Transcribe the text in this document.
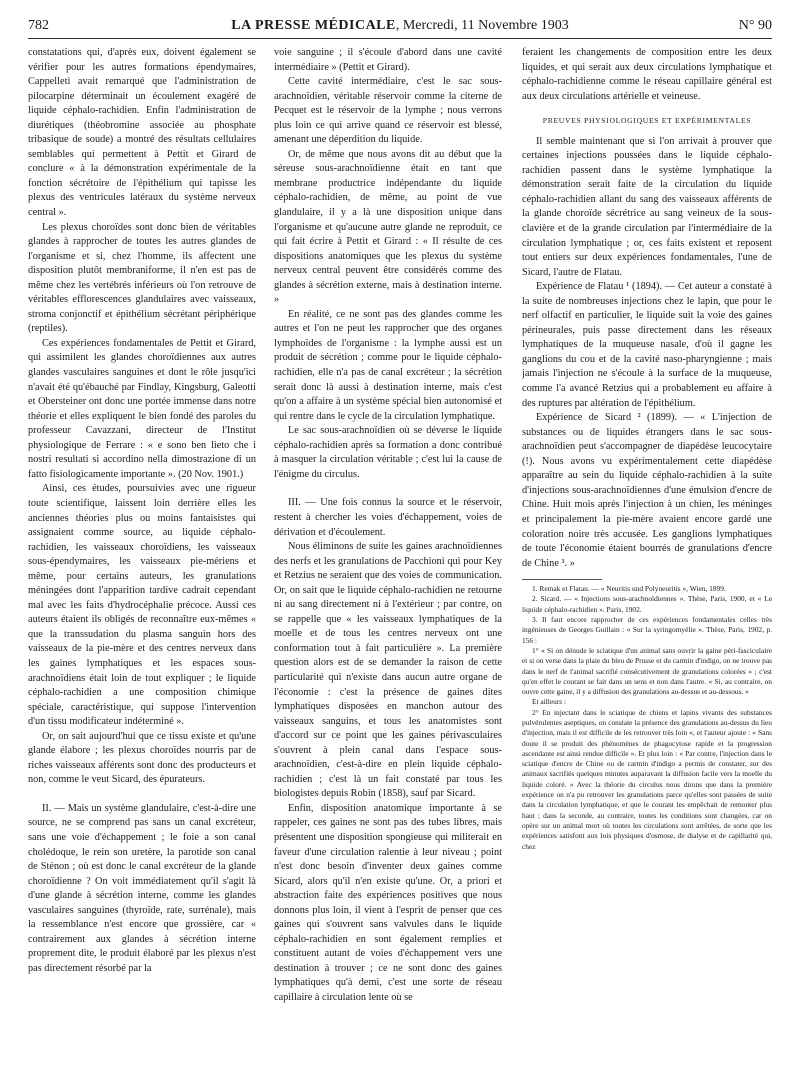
782	LA PRESSE MÉDICALE, Mercredi, 11 Novembre 1903	N° 90

constatations qui, d'après eux, doivent également se vérifier pour les autres formations épendymaires, Cappelleti avait remarqué que l'administration de pilocarpine déterminait un écoulement exagéré de liquide céphalo-rachidien. Enfin l'administration de diurétiques (théobromine associée au phosphate tribasique de soude) a montré des résultats cellulaires semblables qui permettent à Pettit et Girard de conclure « à la démonstration expérimentale de la fonction sécrétoire de l'épithélium qui tapisse les plexus des ventricules latéraux du système nerveux central ».

Les plexus choroïdes sont donc bien de véritables glandes à rapprocher de toutes les autres glandes de l'organisme et si, chez l'homme, ils affectent une disposition plutôt membraniforme, il n'en est pas de même chez les vertébrés inférieurs où l'on retrouve de véritables efflorescences glandulaires avec vaisseaux, stroma conjonctif et épithélium sécrétant périphérique (reptiles).

Ces expériences fondamentales de Pettit et Girard, qui assimilent les glandes choroïdiennes aux autres glandes vasculaires sanguines et dont le rôle jusqu'ici n'avait été qu'ébauché par Findlay, Kingsburg, Galeotti et Obersteiner ont donc une portée immense dans notre théorie et elles expliquent le bien fondé des paroles du professeur Cavazzani, directeur de l'Institut physiologique de Ferrare : « e sono ben lieto che i nostri resultati si accordino nella dimostrazione di un fatto fisiologicamente importante ». (20 Nov. 1901.)

Ainsi, ces études, poursuivies avec une rigueur toute scientifique, laissent loin derrière elles les anciennes théories plus ou moins fantaisistes qui assignaient comme source, au liquide céphalo-rachidien, les vaisseaux choroïdiens, les vaisseaux sous-épendymaires, les vaisseaux pie-mériens et même, pour certains auteurs, les granulations méningées dont l'apparition tardive cadrait cependant mal avec les faits d'hydrocéphalie précoce. Aussi ces auteurs étaient ils obligés de reconnaître eux-mêmes « que la transsudation du plasma sanguin hors des vaisseaux de la pie-mère et des centres nerveux dans les gaines lymphatiques et les espaces sous-arachnoïdiens était loin de tout expliquer ; le liquide céphalo-rachidien a une composition chimique spéciale, caractéristique, qui suppose l'intervention d'un tissu modificateur indéterminé ».

Or, on sait aujourd'hui que ce tissu existe et qu'une glande élabore ; les plexus choroïdes nourris par de riches vaisseaux afférents sont donc des producteurs et non, comme le veut Sicard, des épurateurs.

II. — Mais un système glandulaire, c'est-à-dire une source, ne se comprend pas sans un canal excréteur, sans une voie d'échappement ; le foie a son canal cholédoque, le rein son uretère, la parotide son canal de Sténon ; où est donc le canal excréteur de la glande choroïdienne ? On voit immédiatement qu'il s'agit là d'une glande à sécrétion interne, comme les glandes vasculaires sanguines (thyroïde, rate, surrénale), mais la ressemblance n'est encore que grossière, car « contrairement aux glandes à sécrétion interne proprement dite, le produit élaboré par les plexus n'est pas directement résorbé par la

voie sanguine ; il s'écoule d'abord dans une cavité intermédiaire » (Pettit et Girard).

Cette cavité intermédiaire, c'est le sac sous-arachnoïdien, véritable réservoir comme la citerne de Pecquet est le réservoir de la lymphe ; nous verrons plus loin ce qui arrive quand ce réservoir est blessé, amenant une déperdition du liquide.

Or, de même que nous avons dit au début que la séreuse sous-arachnoïdienne était en tant que membrane productrice indépendante du liquide céphalo-rachidien, de même, au point de vue glandulaire, il y a là une disposition unique dans l'organisme et qu'aucune autre glande ne reproduit, ce qui fait écrire à Pettit et Girard : « Il résulte de ces dispositions anatomiques que les plexus du système nerveux central peuvent être considérés comme des glandes à sécrétion externe, mais à destination interne. »

En réalité, ce ne sont pas des glandes comme les autres et l'on ne peut les rapprocher que des organes lymphoïdes de l'organisme : la lymphe aussi est un produit de sécrétion ; comme pour le liquide céphalo-rachidien, elle n'a pas de canal excréteur ; la sécrétion serait donc là aussi à destination interne, mais c'est qu'on a affaire à un système spécial bien autonomisé et qui rentre dans le cycle de la circulation lymphatique.

Le sac sous-arachnoïdien où se déverse le liquide céphalo-rachidien après sa formation a donc contribué à masquer la circulation véritable ; c'est lui la cause de l'énigme du circulus.

III. — Une fois connus la source et le réservoir, restent à chercher les voies d'échappement, voies de dérivation et d'écoulement.

Nous éliminons de suite les gaines arachnoïdiennes des nerfs et les granulations de Pacchioni qui pour Key et Retzius ne seraient que des voies de communication. Or, on sait que le liquide céphalo-rachidien ne retourne ni au sang directement ni à l'extérieur ; par contre, on se rappelle que « les vaisseaux lymphatiques de la moelle et de tous les centres nerveux ont une conformation tout à fait particulière ». La première question alors est de se demander la raison de cette particularité qui n'existe dans aucun autre organe de l'économie : c'est la présence de gaines dites lymphatiques disposées en manchon autour des vaisseaux sanguins, et tous les anatomistes sont d'accord sur ce point que les gaines périvasculaires s'ouvrent à plein canal dans l'espace sous-arachnoïdien, c'est-à-dire en plein liquide céphalo-rachidien ; c'est là un fait constaté par tous les biologistes depuis Robin (1858), sauf par Sicard.

Enfin, disposition anatomique importante à se rappeler, ces gaines ne sont pas des tubes libres, mais présentent une disposition spongieuse qui militerait en faveur d'une circulation ralentie à leur niveau ; point n'est donc besoin d'inventer deux gaines comme Sicard, alors qu'il n'en existe qu'une. Or, a priori et abstraction faite des expériences positives que nous donnons plus loin, il vient à l'esprit de penser que ces gaines qui s'ouvrent sans valvules dans le liquide céphalo-rachidien en sont également remplies et constituent autant de voies d'échappement vers une destination à trouver ; ce ne sont donc des gaines lymphatiques qu'à demi, c'est une sorte de réseau capillaire à circulation lente où se

feraient les changements de composition entre les deux liquides, et qui serait aux deux circulations lymphatique et céphalo-rachidienne comme le réseau capillaire général est aux deux circulations artérielle et veineuse.

PREUVES PHYSIOLOGIQUES ET EXPÉRIMENTALES

Il semble maintenant que si l'on arrivait à prouver que certaines injections poussées dans le liquide céphalo-rachidien passent dans le système lymphatique la démonstration serait faite de la circulation du liquide céphalo-rachidien allant du sang des vaisseaux afférents de la glande choroïde sécrétrice au sang veineux de la sous-clavière et de la grande circulation par l'intermédiaire de la circulation lymphatique ; or, ces faits existent et reposent tout entiers sur deux expériences fondamentales, l'une de Sicard, l'autre de Flatau.

Expérience de Flatau ¹ (1894). — Cet auteur a constaté à la suite de nombreuses injections chez le lapin, que pour le nerf olfactif en particulier, le liquide suit la voie des gaines périneurales, puis passe directement dans les réseaux lymphatiques de la muqueuse nasale, d'où il gagne les ganglions du cou et de la cavité naso-pharyngienne ; mais jamais l'injection ne s'écoule à la surface de la muqueuse, comme l'a avancé Retzius qui a probablement eu affaire à des ruptures par altération de l'épithélium.

Expérience de Sicard ² (1899). — « L'injection de substances ou de liquides étrangers dans le sac sous-arachnoïdien peut s'accompagner de diapédèse leucocytaire (!). Nous avons vu expérimentalement cette diapédèse apparaître au sein du liquide céphalo-rachidien à la suite d'injections sous-arachnoïdiennes d'une émulsion d'encre de Chine. Huit mois après l'injection à un chien, les méninges et principalement la pie-mère avaient encore gardé une coloration noire très accusée. Les ganglions lymphatiques de toute l'économie étaient bourrés de granulations d'encre de Chine ³. »

1. Remak et Flatau. — « Neuritis und Polyneuritis », Wien, 1899.

2. Sicard. — « Injections sous-arachnoïdiennes ». Thèse, Paris, 1900, et « Le liquide céphalo-rachidien ». Paris, 1902.

3. Il faut encore rapprocher de ces expériences fondamentales celles très ingénieuses de Georges Guillain : « Sur la syringomyélie ». Thèse, Paris, 1902, p. 156 :

1° « Si on dénude le sciatique d'un animal sans ouvrir la gaine péri-fasciculaire et si on verse dans la plaie du bleu de Prusse et du carmin d'indigo, on ne trouve pas dans le nerf de l'animal sacrifié consécutivement de granulations colorées » ; c'est qu'en effet le courant se fait dans un sens et non dans l'autre. « Si, au contraire, on ouvre cette gaine, il y a diffusion des granulations au-dessus et au-dessous. »

Et ailleurs :

2° En injectant dans le sciatique de chiens et lapins vivants des substances pulvérulentes aseptiques, on constate la présence des granulations au-dessus du lieu d'injection, mais il est difficile de les retrouver très loin », et l'auteur ajoute : « Sans doute il se produit des phénomènes de phagocytose rapide et la progression ascendante est ainsi rendue difficile ». Et plus loin : « Par contre, l'injection dans le sciatique d'encre de Chine ou de carmin d'indigo a permis de constater, sur des animaux sacrifiés quelques minutes auparavant la diffusion facile vers la moelle du liquide coloré. » Avec la théorie du circulus nous dirons que dans la première expérience on n'a pu retrouver les granulations parce qu'elles sont passées de suite dans la circulation lymphatique, et que le courant les empêchait de remonter plus haut ; dans la seconde, au contraire, toutes les conditions sont changées, car on opère sur un animal mort où toutes les circulations sont arrêtées, de sorte que les expériences satisfont aux lois physiques d'osmose, de dialyse et de capillarité qui, chez
